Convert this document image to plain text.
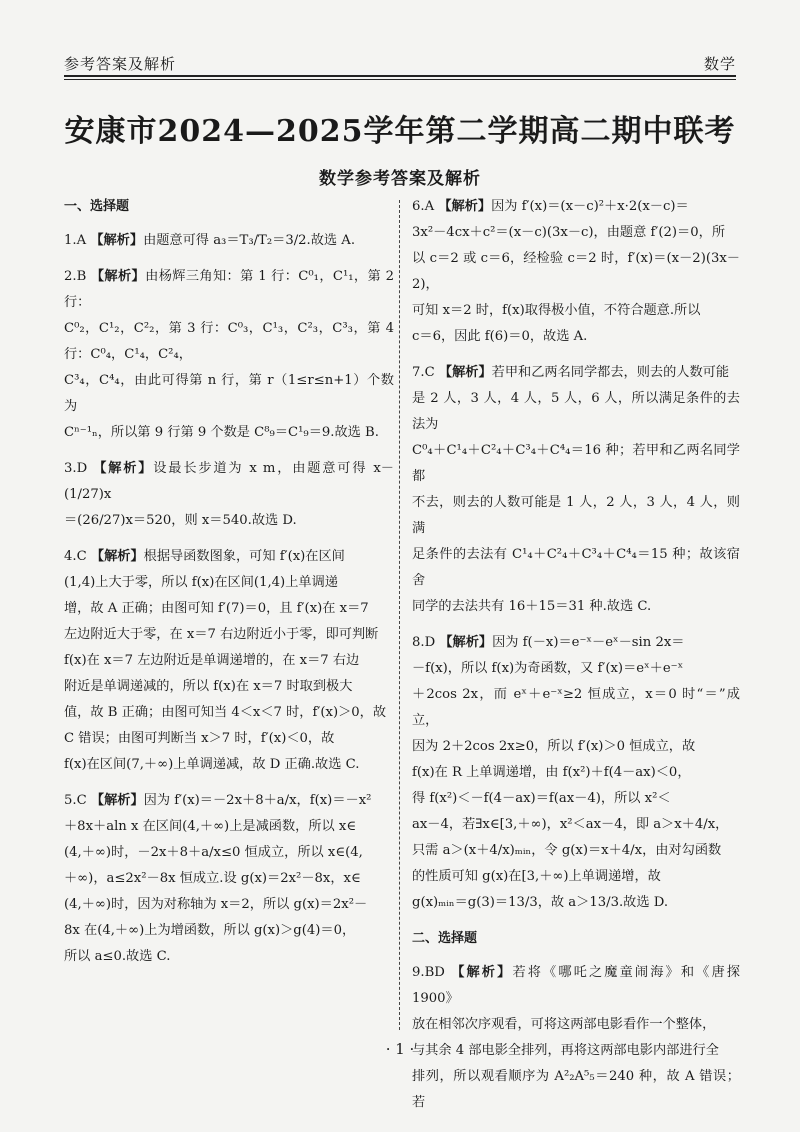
参考答案及解析	数学
安康市2024—2025学年第二学期高二期中联考
数学参考答案及解析
一、选择题

1.A 【解析】由题意可得 a₃＝T₃/T₂＝3/2.故选 A.

2.B 【解析】由杨辉三角知：第 1 行：C⁰₁，C¹₁，第 2 行：

C⁰₂，C¹₂，C²₂，第 3 行：C⁰₃，C¹₃，C²₃，C³₃，第 4 行：C⁰₄，C¹₄，C²₄，

C³₄，C⁴₄，由此可得第 n 行，第 r（1≤r≤n+1）个数为

Cⁿ⁻¹ₙ，所以第 9 行第 9 个数是 C⁸₉＝C¹₉＝9.故选 B.

3.D 【解析】设最长步道为 x m，由题意可得 x－(1/27)x

＝(26/27)x＝520，则 x＝540.故选 D.

4.C 【解析】根据导函数图象，可知 f′(x)在区间

(1,4)上大于零，所以 f(x)在区间(1,4)上单调递

增，故 A 正确；由图可知 f′(7)＝0，且 f′(x)在 x＝7

左边附近大于零，在 x＝7 右边附近小于零，即可判断

f(x)在 x＝7 左边附近是单调递增的，在 x＝7 右边

附近是单调递减的，所以 f(x)在 x＝7 时取到极大

值，故 B 正确；由图可知当 4＜x＜7 时，f′(x)＞0，故

C 错误；由图可判断当 x＞7 时，f′(x)＜0，故

f(x)在区间(7,＋∞)上单调递减，故 D 正确.故选 C.

5.C 【解析】因为 f′(x)＝－2x＋8＋a/x，f(x)＝－x²

＋8x＋aln x 在区间(4,＋∞)上是减函数，所以 x∈

(4,＋∞)时，－2x＋8＋a/x≤0 恒成立，所以 x∈(4,

＋∞)，a≤2x²－8x 恒成立.设 g(x)＝2x²－8x，x∈

(4,＋∞)时，因为对称轴为 x＝2，所以 g(x)＝2x²－

8x 在(4,＋∞)上为增函数，所以 g(x)＞g(4)＝0，

所以 a≤0.故选 C.

6.A 【解析】因为 f′(x)＝(x－c)²＋x·2(x－c)＝

3x²－4cx＋c²＝(x－c)(3x－c)，由题意 f′(2)＝0，所

以 c＝2 或 c＝6，经检验 c＝2 时，f′(x)＝(x－2)(3x－2)，

可知 x＝2 时，f(x)取得极小值，不符合题意.所以

c＝6，因此 f(6)＝0，故选 A.

7.C 【解析】若甲和乙两名同学都去，则去的人数可能

是 2 人，3 人，4 人，5 人，6 人，所以满足条件的去法为

C⁰₄＋C¹₄＋C²₄＋C³₄＋C⁴₄＝16 种；若甲和乙两名同学都

不去，则去的人数可能是 1 人，2 人，3 人，4 人，则满

足条件的去法有 C¹₄＋C²₄＋C³₄＋C⁴₄＝15 种；故该宿舍

同学的去法共有 16＋15＝31 种.故选 C.

8.D 【解析】因为 f(－x)＝e⁻ˣ－eˣ－sin 2x＝

－f(x)，所以 f(x)为奇函数，又 f′(x)＝eˣ＋e⁻ˣ

＋2cos 2x，而 eˣ＋e⁻ˣ≥2 恒成立，x＝0 时“＝”成立，

因为 2＋2cos 2x≥0，所以 f′(x)＞0 恒成立，故

f(x)在 R 上单调递增，由 f(x²)＋f(4－ax)＜0，

得 f(x²)＜－f(4－ax)＝f(ax－4)，所以 x²＜

ax－4，若∃x∈[3,＋∞)，x²＜ax－4，即 a＞x＋4/x，

只需 a＞(x＋4/x)ₘᵢₙ，令 g(x)＝x＋4/x，由对勾函数

的性质可知 g(x)在[3,＋∞)上单调递增，故

g(x)ₘᵢₙ＝g(3)＝13/3，故 a＞13/3.故选 D.

二、选择题

9.BD 【解析】若将《哪吒之魔童闹海》和《唐探 1900》

放在相邻次序观看，可将这两部电影看作一个整体，

与其余 4 部电影全排列，再将这两部电影内部进行全

排列，所以观看顺序为 A²₂A⁵₅＝240 种，故 A 错误；若

· 1 ·
